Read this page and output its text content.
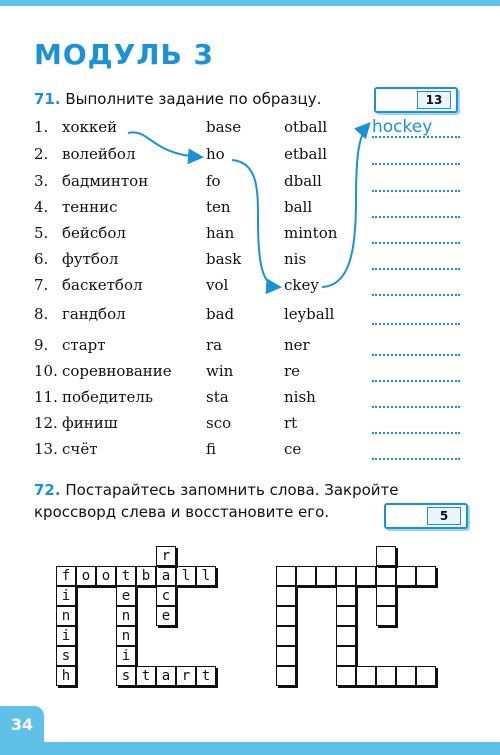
МОДУЛЬ 3
71. Выполните задание по образцу.	13
1. хоккей	base	otball	hockey
2. волейбол	ho	etball
3. бадминтон	fo	dball
4. теннис	ten	ball
5. бейсбол	han	minton
6. футбол	bask	nis
7. баскетбол	vol	ckey
8. гандбол	bad	leyball
9. старт	ra	ner
10. соревнование win	re
11. победитель	sta	nish
12. финиш	sco	rt
13. счёт	fi	ce
72. Постарайтесь запомнить слова. Закройте
кроссворд слева и восстановите его.	5
f o o t b a l l
i
n
i
s
h
e
n
n
i
s t a r t
r
c
e
34
